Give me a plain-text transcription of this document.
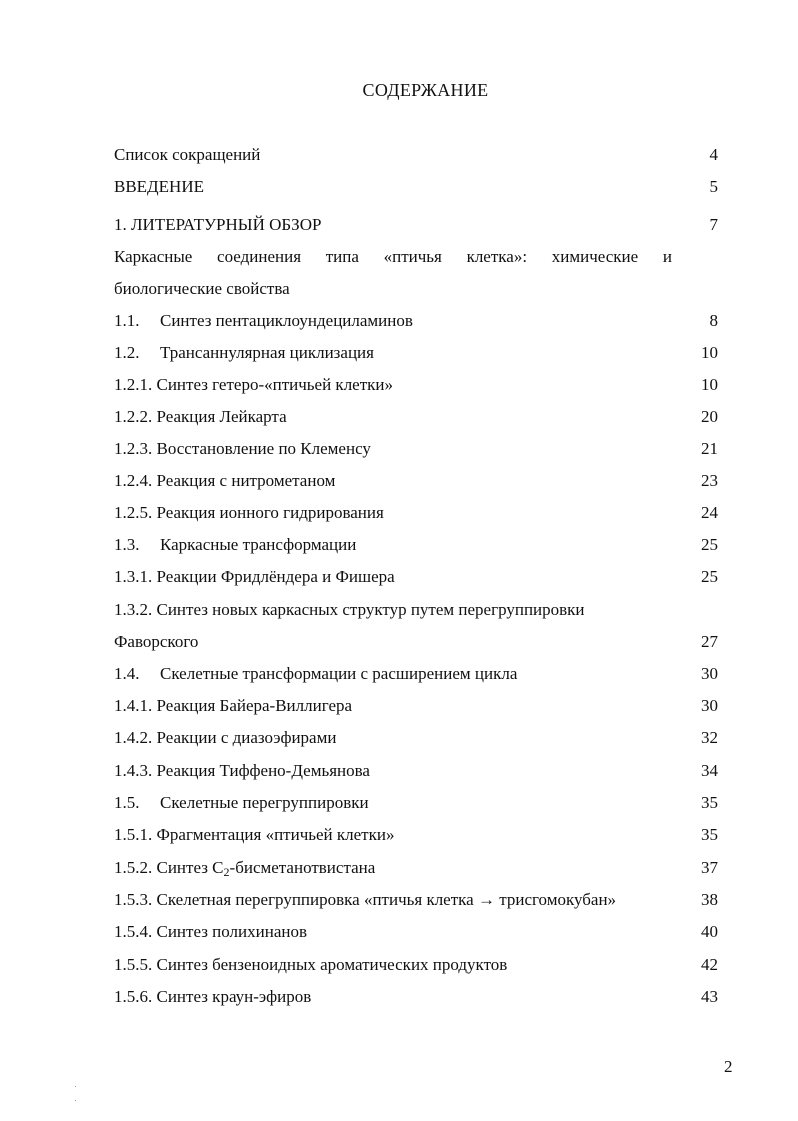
СОДЕРЖАНИЕ
Список сокращений	4
ВВЕДЕНИЕ	5
1. ЛИТЕРАТУРНЫЙ ОБЗОР	7
Каркасные соединения типа «птичья клетка»: химические и
биологические свойства
1.1. Синтез пентациклоундециламинов	8
1.2. Трансаннулярная циклизация	10
1.2.1. Синтез гетеро-«птичьей клетки»	10
1.2.2. Реакция Лейкарта	20
1.2.3. Восстановление по Клеменсу	21
1.2.4. Реакция с нитрометаном	23
1.2.5. Реакция ионного гидрирования	24
1.3. Каркасные трансформации	25
1.3.1. Реакции Фридлёндера и Фишера	25
1.3.2. Синтез новых каркасных структур путем перегруппировки
Фаворского	27
1.4. Скелетные трансформации с расширением цикла	30
1.4.1. Реакция Байера-Виллигера	30
1.4.2. Реакции с диазоэфирами	32
1.4.3. Реакция Тиффено-Демьянова	34
1.5. Скелетные перегруппировки	35
1.5.1. Фрагментация «птичьей клетки»	35
1.5.2. Синтез $С_2$-бисметанотвистана	37
1.5.3. Скелетная перегруппировка «птичья клетка → трисгомокубан»	38
1.5.4. Синтез полихинанов	40
1.5.5. Синтез бензеноидных ароматических продуктов	42
1.5.6. Синтез краун-эфиров	43
2
